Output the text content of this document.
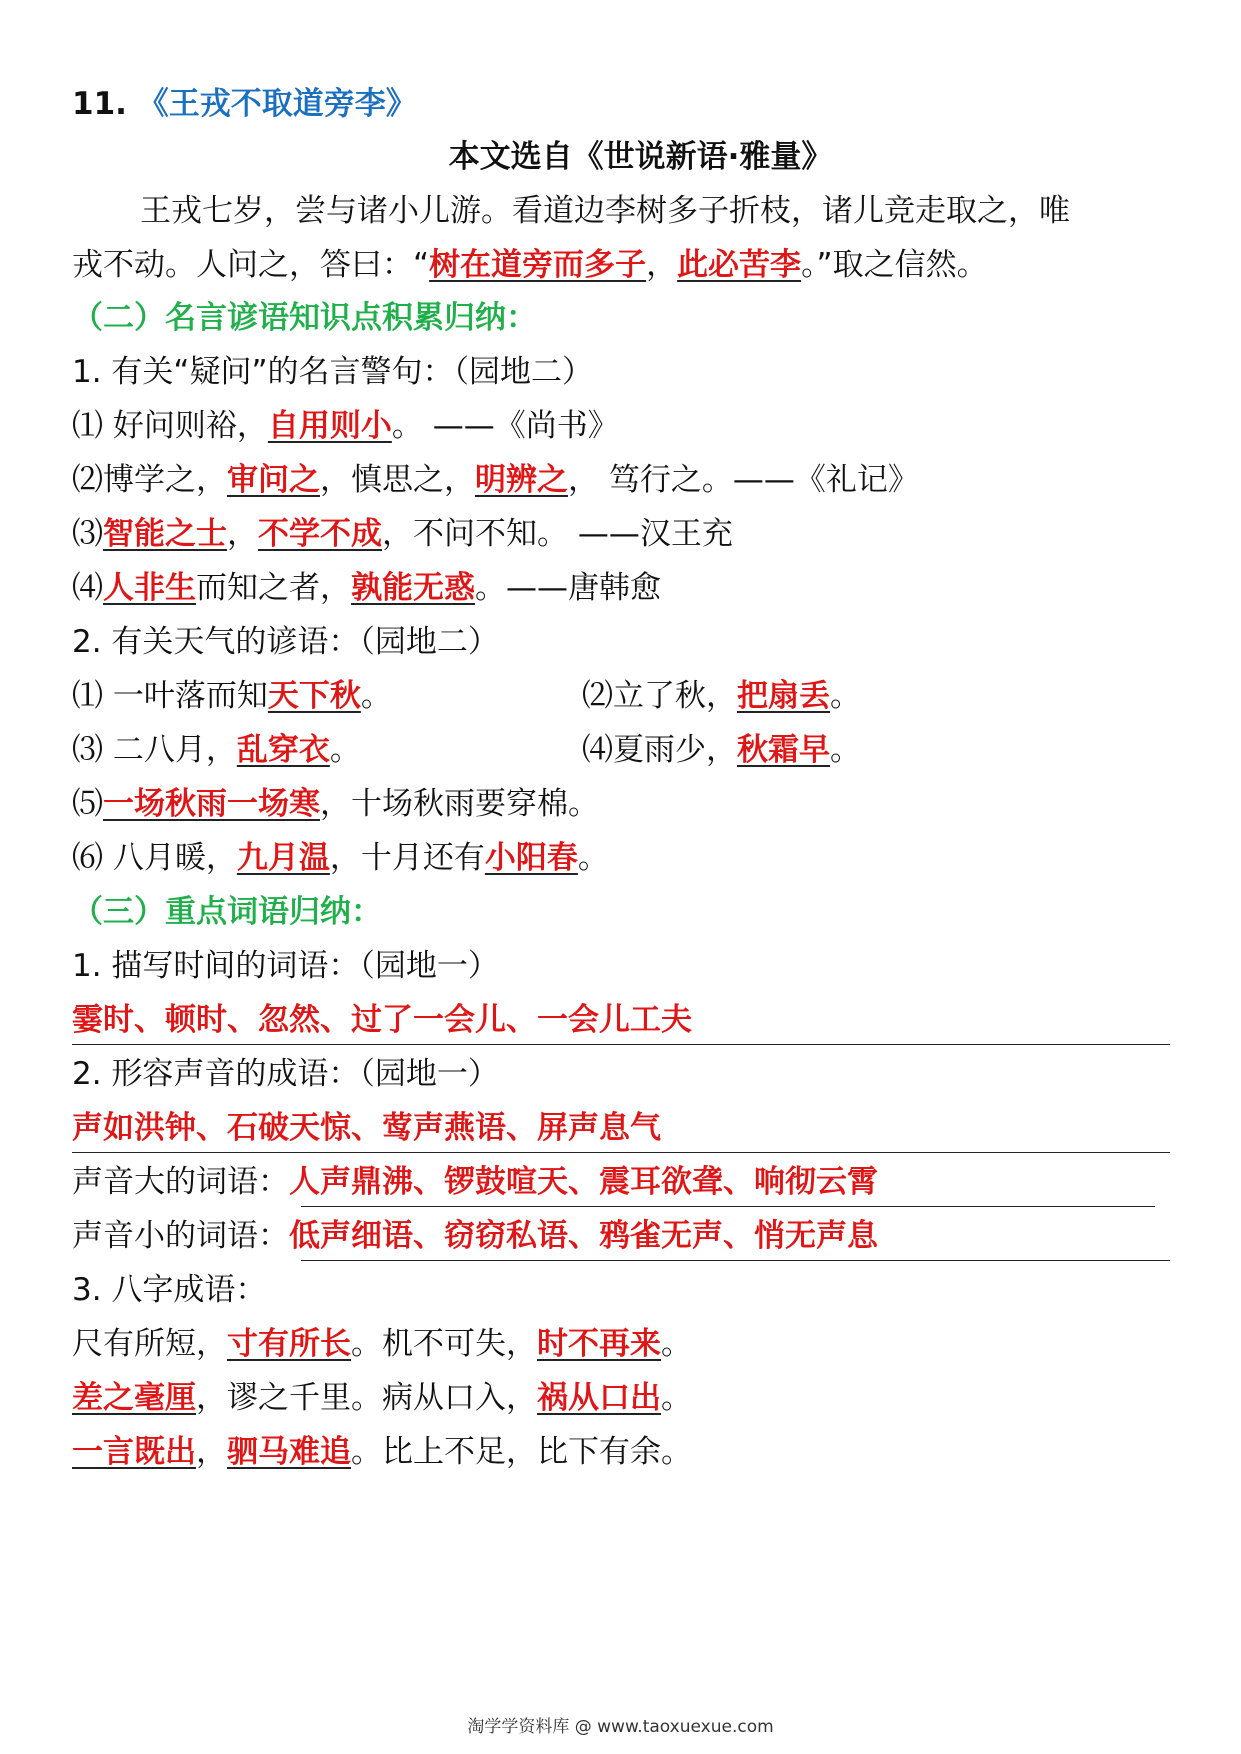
11. 《王戎不取道旁李》
本文选自《世说新语·雅量》
王戎七岁，尝与诸小儿游。看道边李树多子折枝，诸儿竞走取之，唯
戎不动。人问之，答曰：“树在道旁而多子，此必苦李。”取之信然。
（二）名言谚语知识点积累归纳：
1. 有关“疑问”的名言警句：（园地二）
⑴ 好问则裕，自用则小。 ——《尚书》
⑵博学之，审问之，慎思之，明辨之， 笃行之。——《礼记》
⑶智能之士，不学不成，不问不知。 ——汉王充
⑷人非生而知之者，孰能无惑。——唐韩愈
2. 有关天气的谚语：（园地二）
⑴ 一叶落而知天下秋。	⑵立了秋，把扇丢。
⑶ 二八月，乱穿衣。	⑷夏雨少，秋霜早。
⑸一场秋雨一场寒，十场秋雨要穿棉。
⑹ 八月暖，九月温，十月还有小阳春。
（三）重点词语归纳：
1. 描写时间的词语：（园地一）
霎时、顿时、忽然、过了一会儿、一会儿工夫
2. 形容声音的成语：（园地一）
声如洪钟、石破天惊、莺声燕语、屏声息气
声音大的词语：人声鼎沸、锣鼓喧天、震耳欲聋、响彻云霄
声音小的词语：低声细语、窃窃私语、鸦雀无声、悄无声息
3. 八字成语：
尺有所短，寸有所长。机不可失，时不再来。
差之毫厘，谬之千里。病从口入，祸从口出。
一言既出，驷马难追。比上不足，比下有余。
淘学学资料库 @ www.taoxuexue.com
